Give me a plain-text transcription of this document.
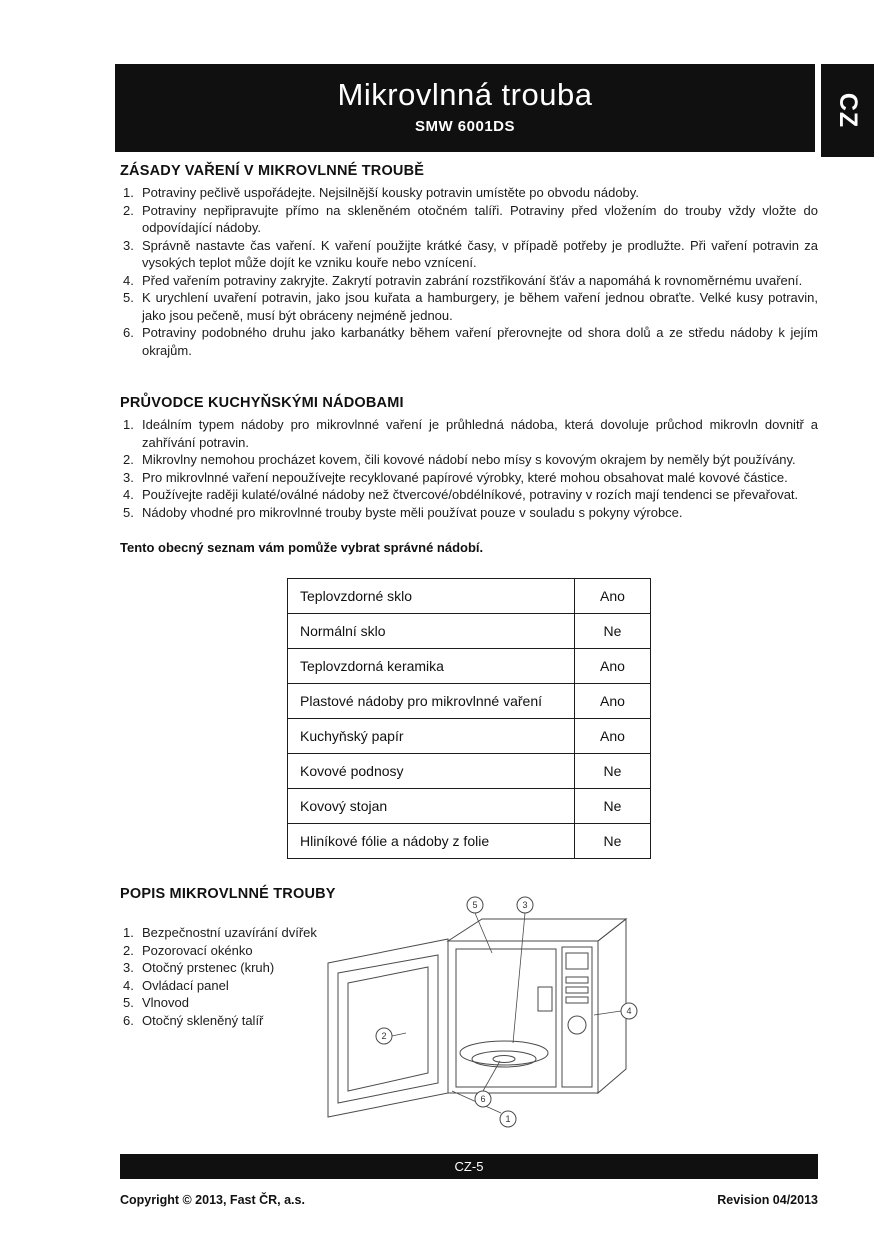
Mikrovlnná trouba
SMW 6001DS	CZ
ZÁSADY VAŘENÍ V MIKROVLNNÉ TROUBĚ
Potraviny pečlivě uspořádejte. Nejsilnější kousky potravin umístěte po obvodu nádoby.
Potraviny nepřipravujte přímo na skleněném otočném talíři. Potraviny před vložením do trouby vždy vložte do odpovídající nádoby.
Správně nastavte čas vaření. K vaření použijte krátké časy, v případě potřeby je prodlužte. Při vaření potravin za vysokých teplot může dojít ke vzniku kouře nebo vznícení.
Před vařením potraviny zakryjte. Zakrytí potravin zabrání rozstřikování šťáv a napomáhá k rovnoměrnému uvaření.
K urychlení uvaření potravin, jako jsou kuřata a hamburgery, je během vaření jednou obraťte. Velké kusy potravin, jako jsou pečeně, musí být obráceny nejméně jednou.
Potraviny podobného druhu jako karbanátky během vaření přerovnejte od shora dolů a ze středu nádoby k jejím okrajům.
PRŮVODCE KUCHYŇSKÝMI NÁDOBAMI
Ideálním typem nádoby pro mikrovlnné vaření je průhledná nádoba, která dovoluje průchod mikrovln dovnitř a zahřívání potravin.
Mikrovlny nemohou procházet kovem, čili kovové nádobí nebo mísy s kovovým okrajem by neměly být používány.
Pro mikrovlnné vaření nepoužívejte recyklované papírové výrobky, které mohou obsahovat malé kovové částice.
Používejte raději kulaté/oválné nádoby než čtvercové/obdélníkové, potraviny v rozích mají tendenci se převařovat.
Nádoby vhodné pro mikrovlnné trouby byste měli používat pouze v souladu s pokyny výrobce.
Tento obecný seznam vám pomůže vybrat správné nádobí.
Teplovzdorné sklo	Ano
Normální sklo	Ne
Teplovzdorná keramika	Ano
Plastové nádoby pro mikrovlnné vaření	Ano
Kuchyňský papír	Ano
Kovové podnosy	Ne
Kovový stojan	Ne
Hliníkové fólie a nádoby z folie	Ne
POPIS MIKROVLNNÉ TROUBY
Bezpečnostní uzavírání dvířek
Pozorovací okénko
Otočný prstenec (kruh)
Ovládací panel
Vlnovod
Otočný skleněný talíř
5	3
4
2
6
1
CZ-5
Copyright © 2013, Fast ČR, a.s.	Revision 04/2013
